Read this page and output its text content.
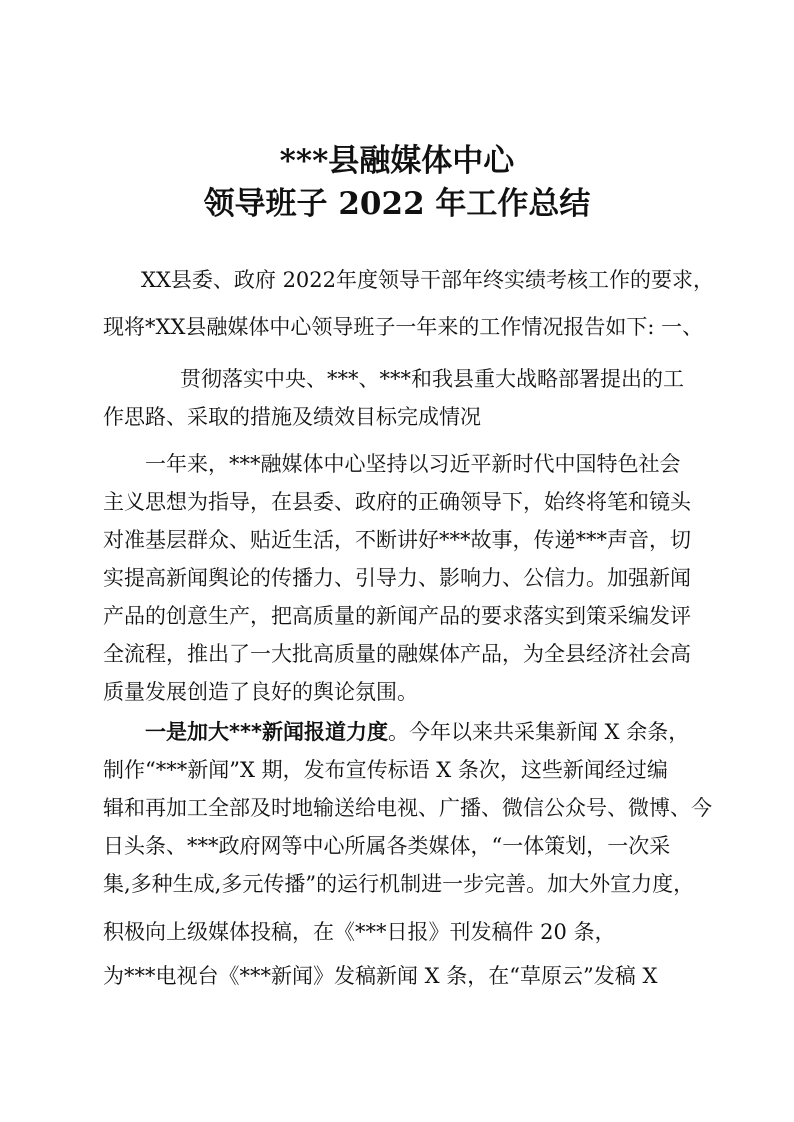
***县融媒体中心
领导班子 2022 年工作总结

XX县委、政府 2022年度领导干部年终实绩考核工作的要求，

现将*XX县融媒体中心领导班子一年来的工作情况报告如下: 一、

贯彻落实中央、***、***和我县重大战略部署提出的工

作思路、采取的措施及绩效目标完成情况

一年来，***融媒体中心坚持以习近平新时代中国特色社会

主义思想为指导，在县委、政府的正确领导下，始终将笔和镜头

对准基层群众、贴近生活，不断讲好***故事，传递***声音，切

实提高新闻舆论的传播力、引导力、影响力、公信力。加强新闻

产品的创意生产，把高质量的新闻产品的要求落实到策采编发评

全流程，推出了一大批高质量的融媒体产品，为全县经济社会高

质量发展创造了良好的舆论氛围。

一是加大***新闻报道力度。今年以来共采集新闻 X 余条，

制作“***新闻”X 期，发布宣传标语 X 条次，这些新闻经过编

辑和再加工全部及时地输送给电视、广播、微信公众号、微博、今

日头条、***政府网等中心所属各类媒体，“一体策划，一次采

集,多种生成,多元传播”的运行机制进一步完善。加大外宣力度，

积极向上级媒体投稿，在《***日报》刊发稿件 20 条，

为***电视台《***新闻》发稿新闻 X 条，在“草原云”发稿 X
